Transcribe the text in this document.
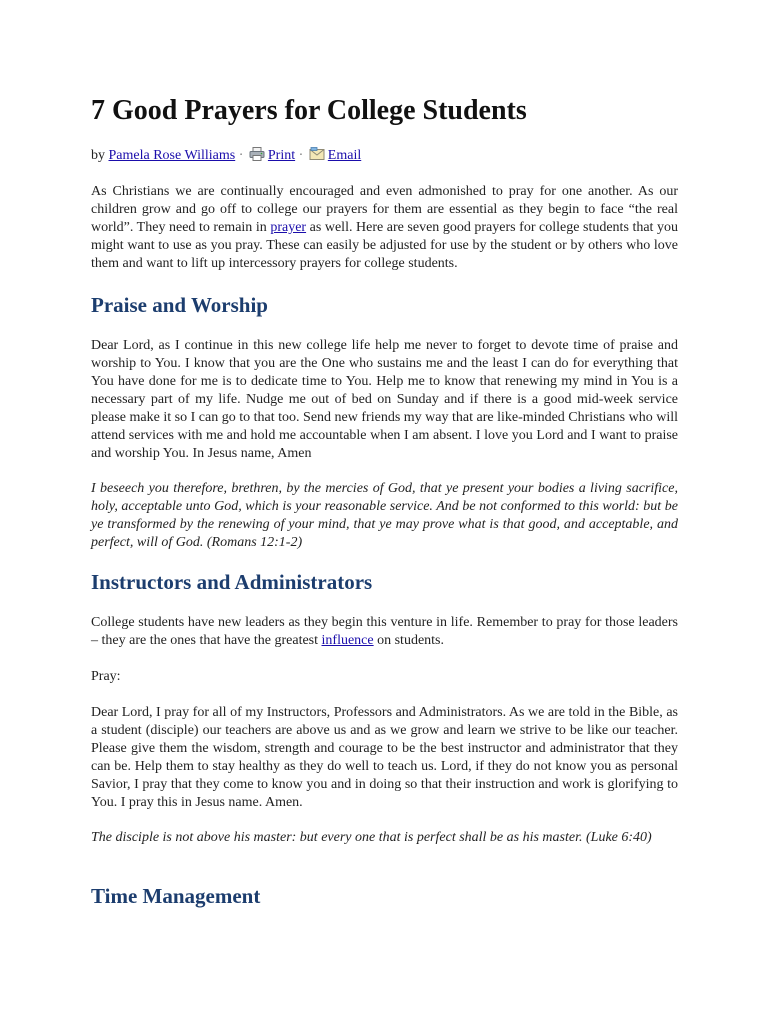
7 Good Prayers for College Students

by Pamela Rose Williams · Print · Email

As Christians we are continually encouraged and even admonished to pray for one another. As our children grow and go off to college our prayers for them are essential as they begin to face “the real world”. They need to remain in prayer as well. Here are seven good prayers for college students that you might want to use as you pray. These can easily be adjusted for use by the student or by others who love them and want to lift up intercessory prayers for college students.

Praise and Worship

Dear Lord, as I continue in this new college life help me never to forget to devote time of praise and worship to You. I know that you are the One who sustains me and the least I can do for everything that You have done for me is to dedicate time to You. Help me to know that renewing my mind in You is a necessary part of my life. Nudge me out of bed on Sunday and if there is a good mid-week service please make it so I can go to that too. Send new friends my way that are like-minded Christians who will attend services with me and hold me accountable when I am absent. I love you Lord and I want to praise and worship You. In Jesus name, Amen

I beseech you therefore, brethren, by the mercies of God, that ye present your bodies a living sacrifice, holy, acceptable unto God, which is your reasonable service. And be not conformed to this world: but be ye transformed by the renewing of your mind, that ye may prove what is that good, and acceptable, and perfect, will of God. (Romans 12:1-2)

Instructors and Administrators

College students have new leaders as they begin this venture in life. Remember to pray for those leaders – they are the ones that have the greatest influence on students.

Pray:

Dear Lord, I pray for all of my Instructors, Professors and Administrators. As we are told in the Bible, as a student (disciple) our teachers are above us and as we grow and learn we strive to be like our teacher. Please give them the wisdom, strength and courage to be the best instructor and administrator that they can be. Help them to stay healthy as they do well to teach us. Lord, if they do not know you as personal Savior, I pray that they come to know you and in doing so that their instruction and work is glorifying to You. I pray this in Jesus name. Amen.

The disciple is not above his master: but every one that is perfect shall be as his master. (Luke 6:40)

Time Management
